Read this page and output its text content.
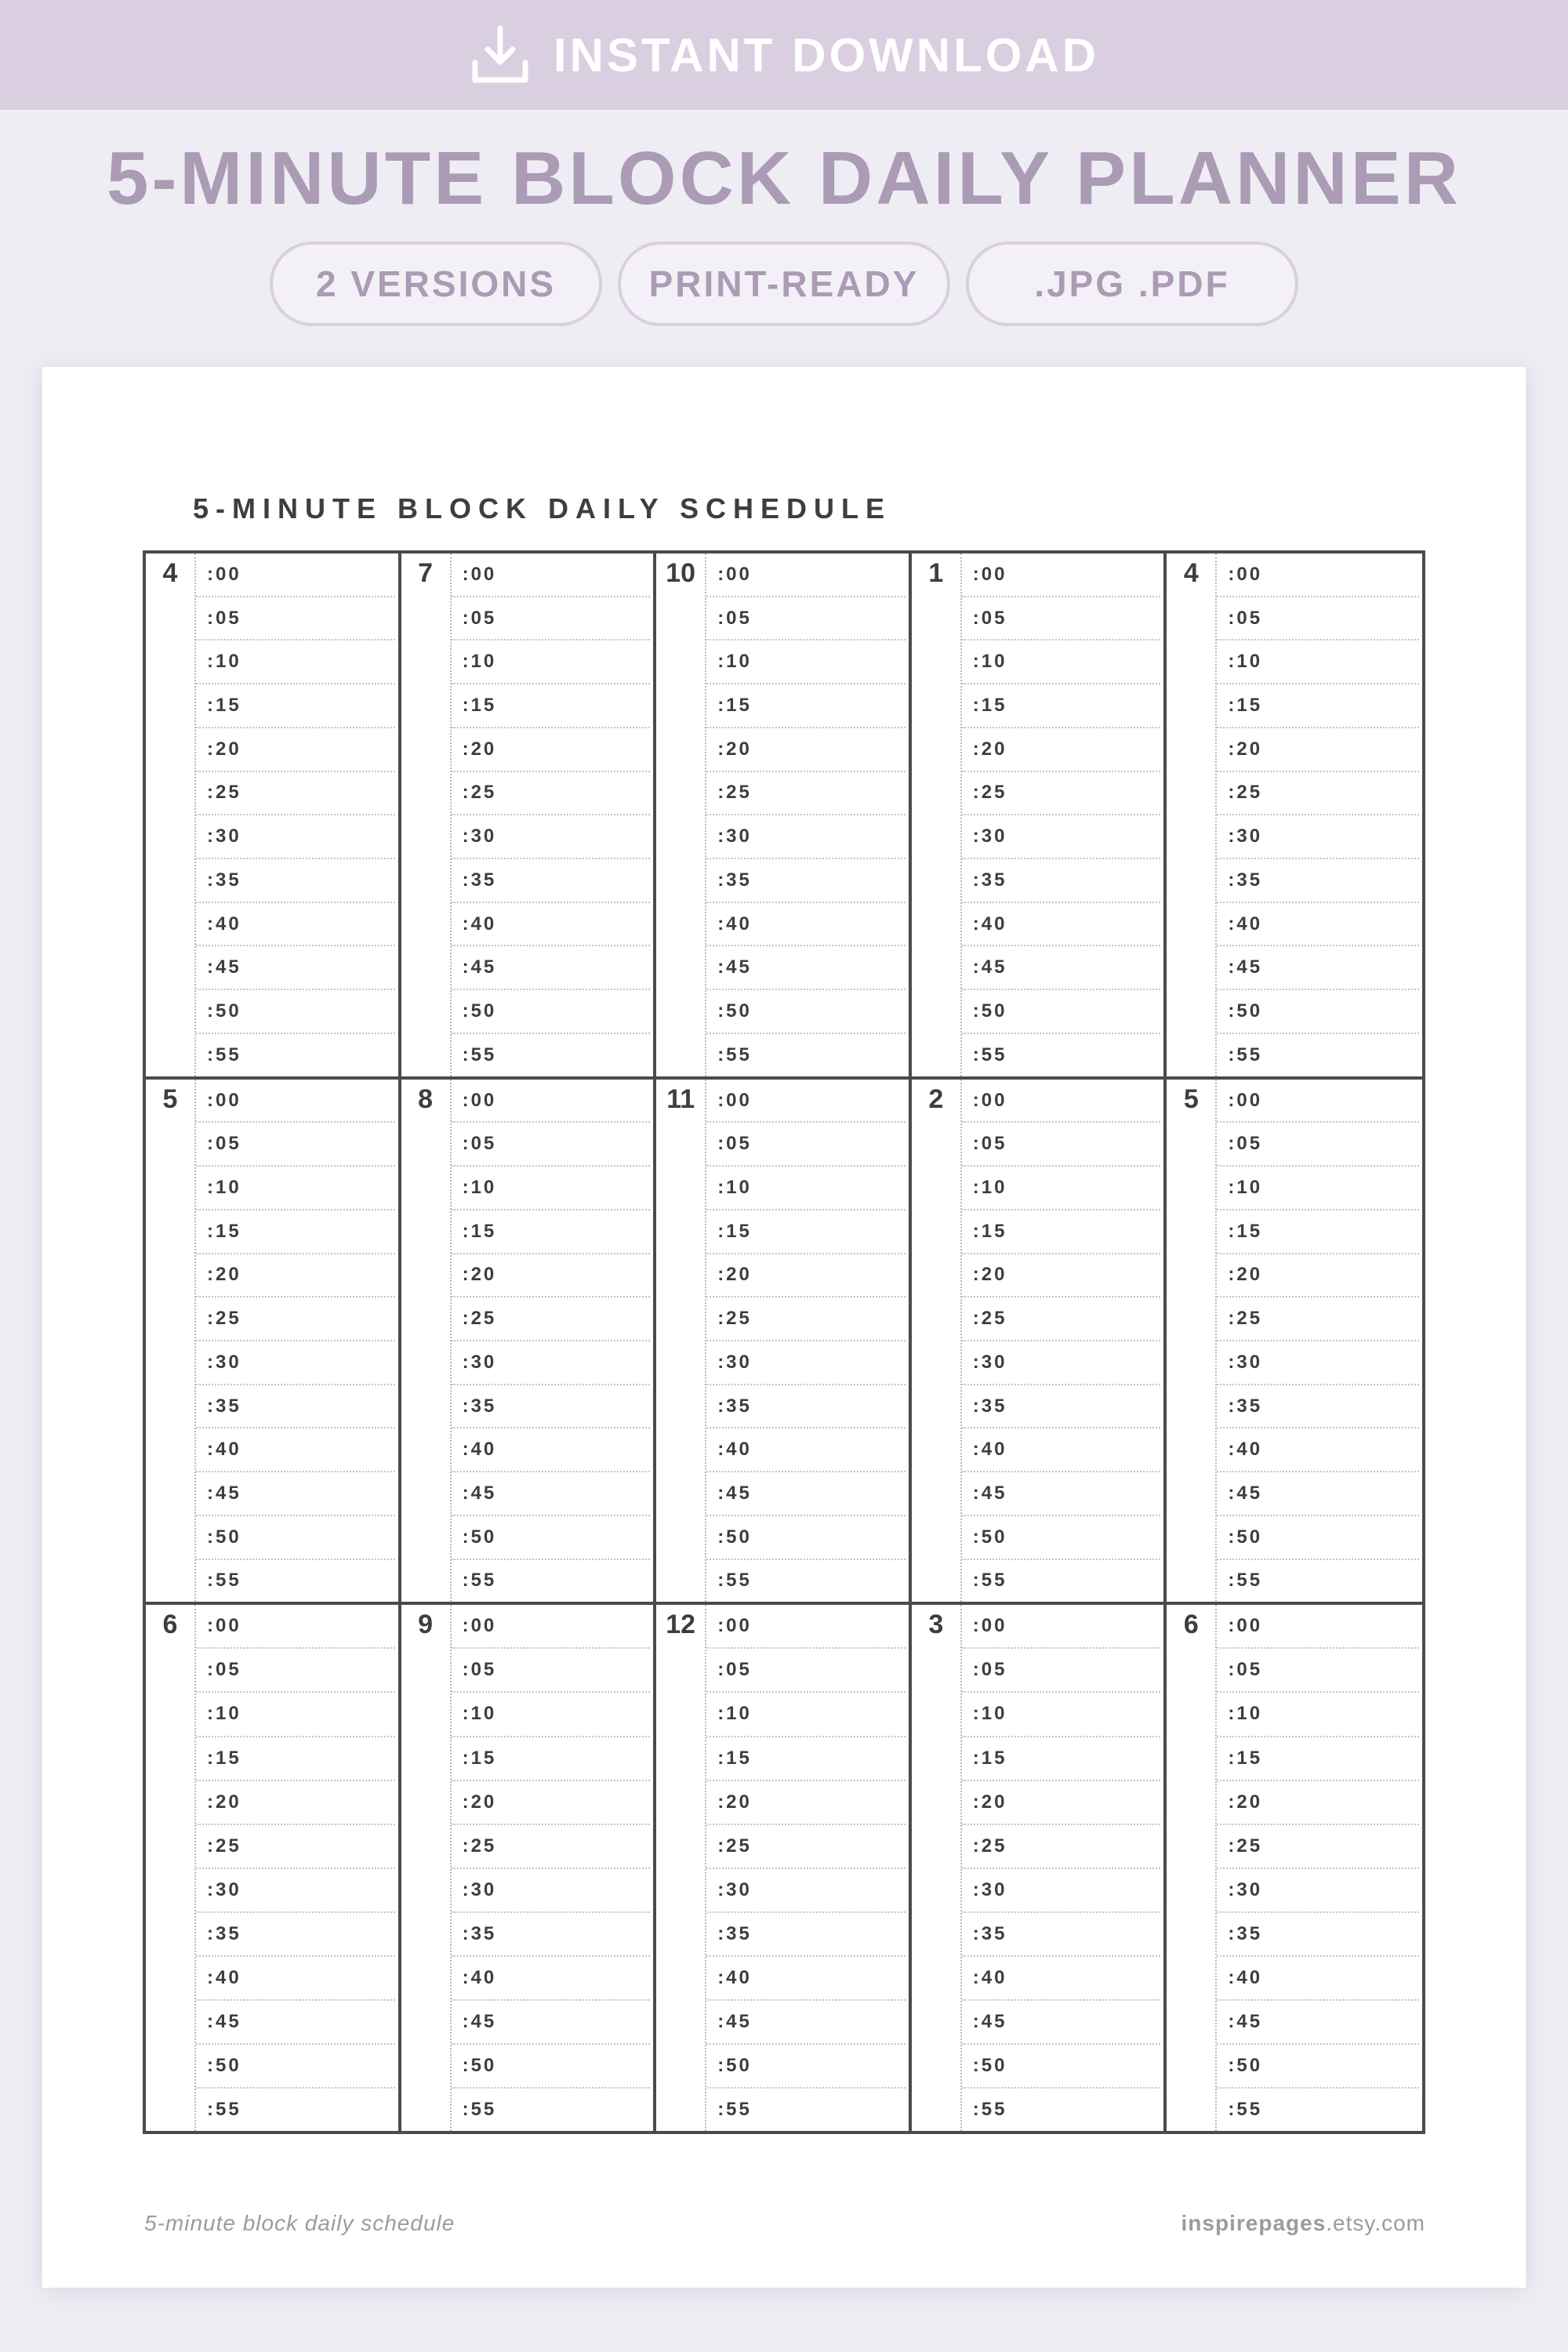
INSTANT DOWNLOAD
5-MINUTE BLOCK DAILY PLANNER
2 VERSIONS	PRINT-READY	.JPG .PDF
5-MINUTE BLOCK DAILY SCHEDULE
4	:00
:05
:10
:15
:20
:25
:30
:35
:40
:45
:50
:55
7	:00
:05
:10
:15
:20
:25
:30
:35
:40
:45
:50
:55
10	:00
:05
:10
:15
:20
:25
:30
:35
:40
:45
:50
:55
1	:00
:05
:10
:15
:20
:25
:30
:35
:40
:45
:50
:55
4	:00
:05
:10
:15
:20
:25
:30
:35
:40
:45
:50
:55
5	:00
:05
:10
:15
:20
:25
:30
:35
:40
:45
:50
:55
8	:00
:05
:10
:15
:20
:25
:30
:35
:40
:45
:50
:55
11	:00
:05
:10
:15
:20
:25
:30
:35
:40
:45
:50
:55
2	:00
:05
:10
:15
:20
:25
:30
:35
:40
:45
:50
:55
5	:00
:05
:10
:15
:20
:25
:30
:35
:40
:45
:50
:55
6	:00
:05
:10
:15
:20
:25
:30
:35
:40
:45
:50
:55
9	:00
:05
:10
:15
:20
:25
:30
:35
:40
:45
:50
:55
12	:00
:05
:10
:15
:20
:25
:30
:35
:40
:45
:50
:55
3	:00
:05
:10
:15
:20
:25
:30
:35
:40
:45
:50
:55
6	:00
:05
:10
:15
:20
:25
:30
:35
:40
:45
:50
:55
5-minute block daily schedule	inspirepages.etsy.com
